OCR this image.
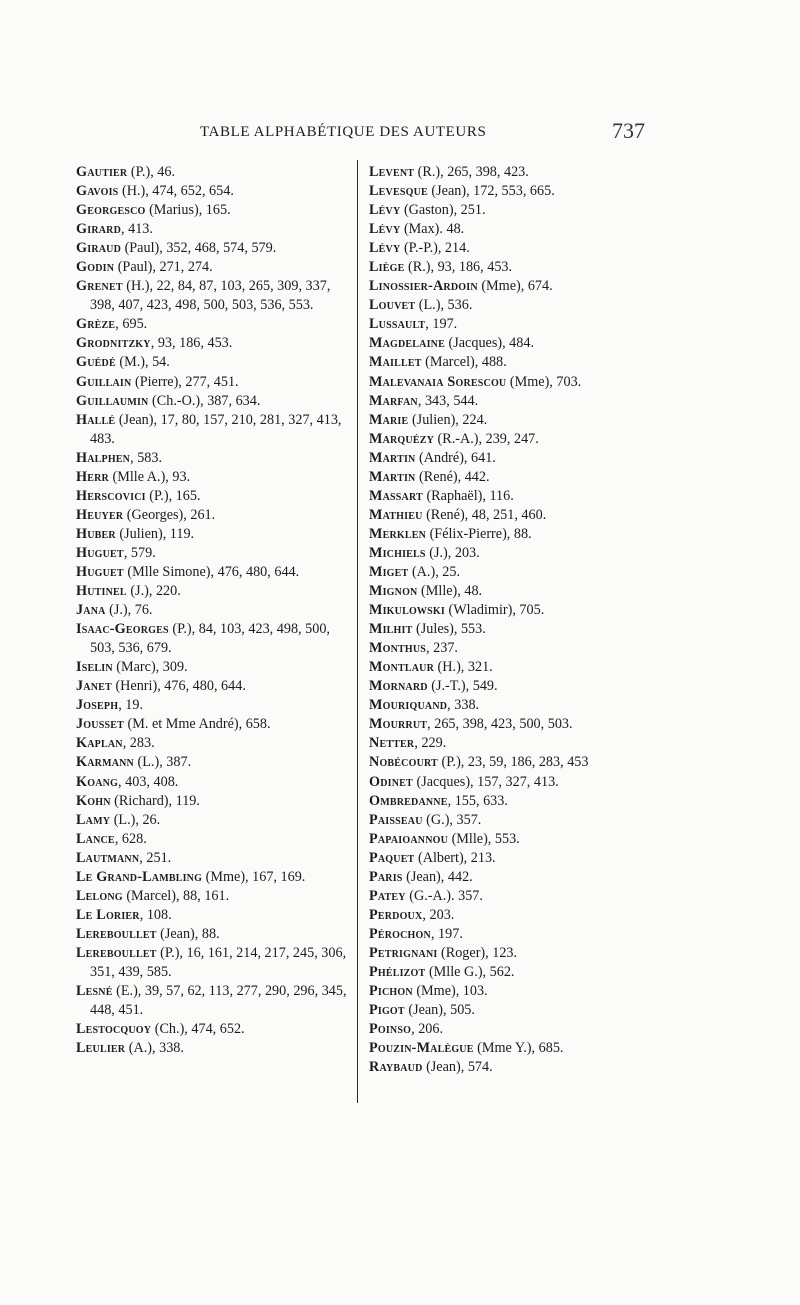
TABLE ALPHABÉTIQUE DES AUTEURS	737
Gautier (P.), 46.
Gavois (H.), 474, 652, 654.
Georgesco (Marius), 165.
Girard, 413.
Giraud (Paul), 352, 468, 574, 579.
Godin (Paul), 271, 274.
Grenet (H.), 22, 84, 87, 103, 265, 309, 337, 398, 407, 423, 498, 500, 503, 536, 553.
Grèze, 695.
Grodnitzky, 93, 186, 453.
Guédé (M.), 54.
Guillain (Pierre), 277, 451.
Guillaumin (Ch.-O.), 387, 634.
Hallé (Jean), 17, 80, 157, 210, 281, 327, 413, 483.
Halphen, 583.
Herr (Mlle A.), 93.
Herscovici (P.), 165.
Heuyer (Georges), 261.
Huber (Julien), 119.
Huguet, 579.
Huguet (Mlle Simone), 476, 480, 644.
Hutinel (J.), 220.
Jana (J.), 76.
Isaac-Georges (P.), 84, 103, 423, 498, 500, 503, 536, 679.
Iselin (Marc), 309.
Janet (Henri), 476, 480, 644.
Joseph, 19.
Jousset (M. et Mme André), 658.
Kaplan, 283.
Karmann (L.), 387.
Koang, 403, 408.
Kohn (Richard), 119.
Lamy (L.), 26.
Lance, 628.
Lautmann, 251.
Le Grand-Lambling (Mme), 167, 169.
Lelong (Marcel), 88, 161.
Le Lorier, 108.
Lereboullet (Jean), 88.
Lereboullet (P.), 16, 161, 214, 217, 245, 306, 351, 439, 585.
Lesné (E.), 39, 57, 62, 113, 277, 290, 296, 345, 448, 451.
Lestocquoy (Ch.), 474, 652.
Leulier (A.), 338.
Levent (R.), 265, 398, 423.
Levesque (Jean), 172, 553, 665.
Lévy (Gaston), 251.
Lévy (Max). 48.
Lévy (P.-P.), 214.
Liège (R.), 93, 186, 453.
Linossier-Ardoin (Mme), 674.
Louvet (L.), 536.
Lussault, 197.
Magdelaine (Jacques), 484.
Maillet (Marcel), 488.
Malevanaia Sorescou (Mme), 703.
Marfan, 343, 544.
Marie (Julien), 224.
Marquézy (R.-A.), 239, 247.
Martin (André), 641.
Martin (René), 442.
Massart (Raphaël), 116.
Mathieu (René), 48, 251, 460.
Merklen (Félix-Pierre), 88.
Michiels (J.), 203.
Miget (A.), 25.
Mignon (Mlle), 48.
Mikulowski (Wladimir), 705.
Milhit (Jules), 553.
Monthus, 237.
Montlaur (H.), 321.
Mornard (J.-T.), 549.
Mouriquand, 338.
Mourrut, 265, 398, 423, 500, 503.
Netter, 229.
Nobécourt (P.), 23, 59, 186, 283, 453
Odinet (Jacques), 157, 327, 413.
Ombredanne, 155, 633.
Paisseau (G.), 357.
Papaioannou (Mlle), 553.
Paquet (Albert), 213.
Paris (Jean), 442.
Patey (G.-A.). 357.
Perdoux, 203.
Pérochon, 197.
Petrignani (Roger), 123.
Phélizot (Mlle G.), 562.
Pichon (Mme), 103.
Pigot (Jean), 505.
Poinso, 206.
Pouzin-Malègue (Mme Y.), 685.
Raybaud (Jean), 574.
